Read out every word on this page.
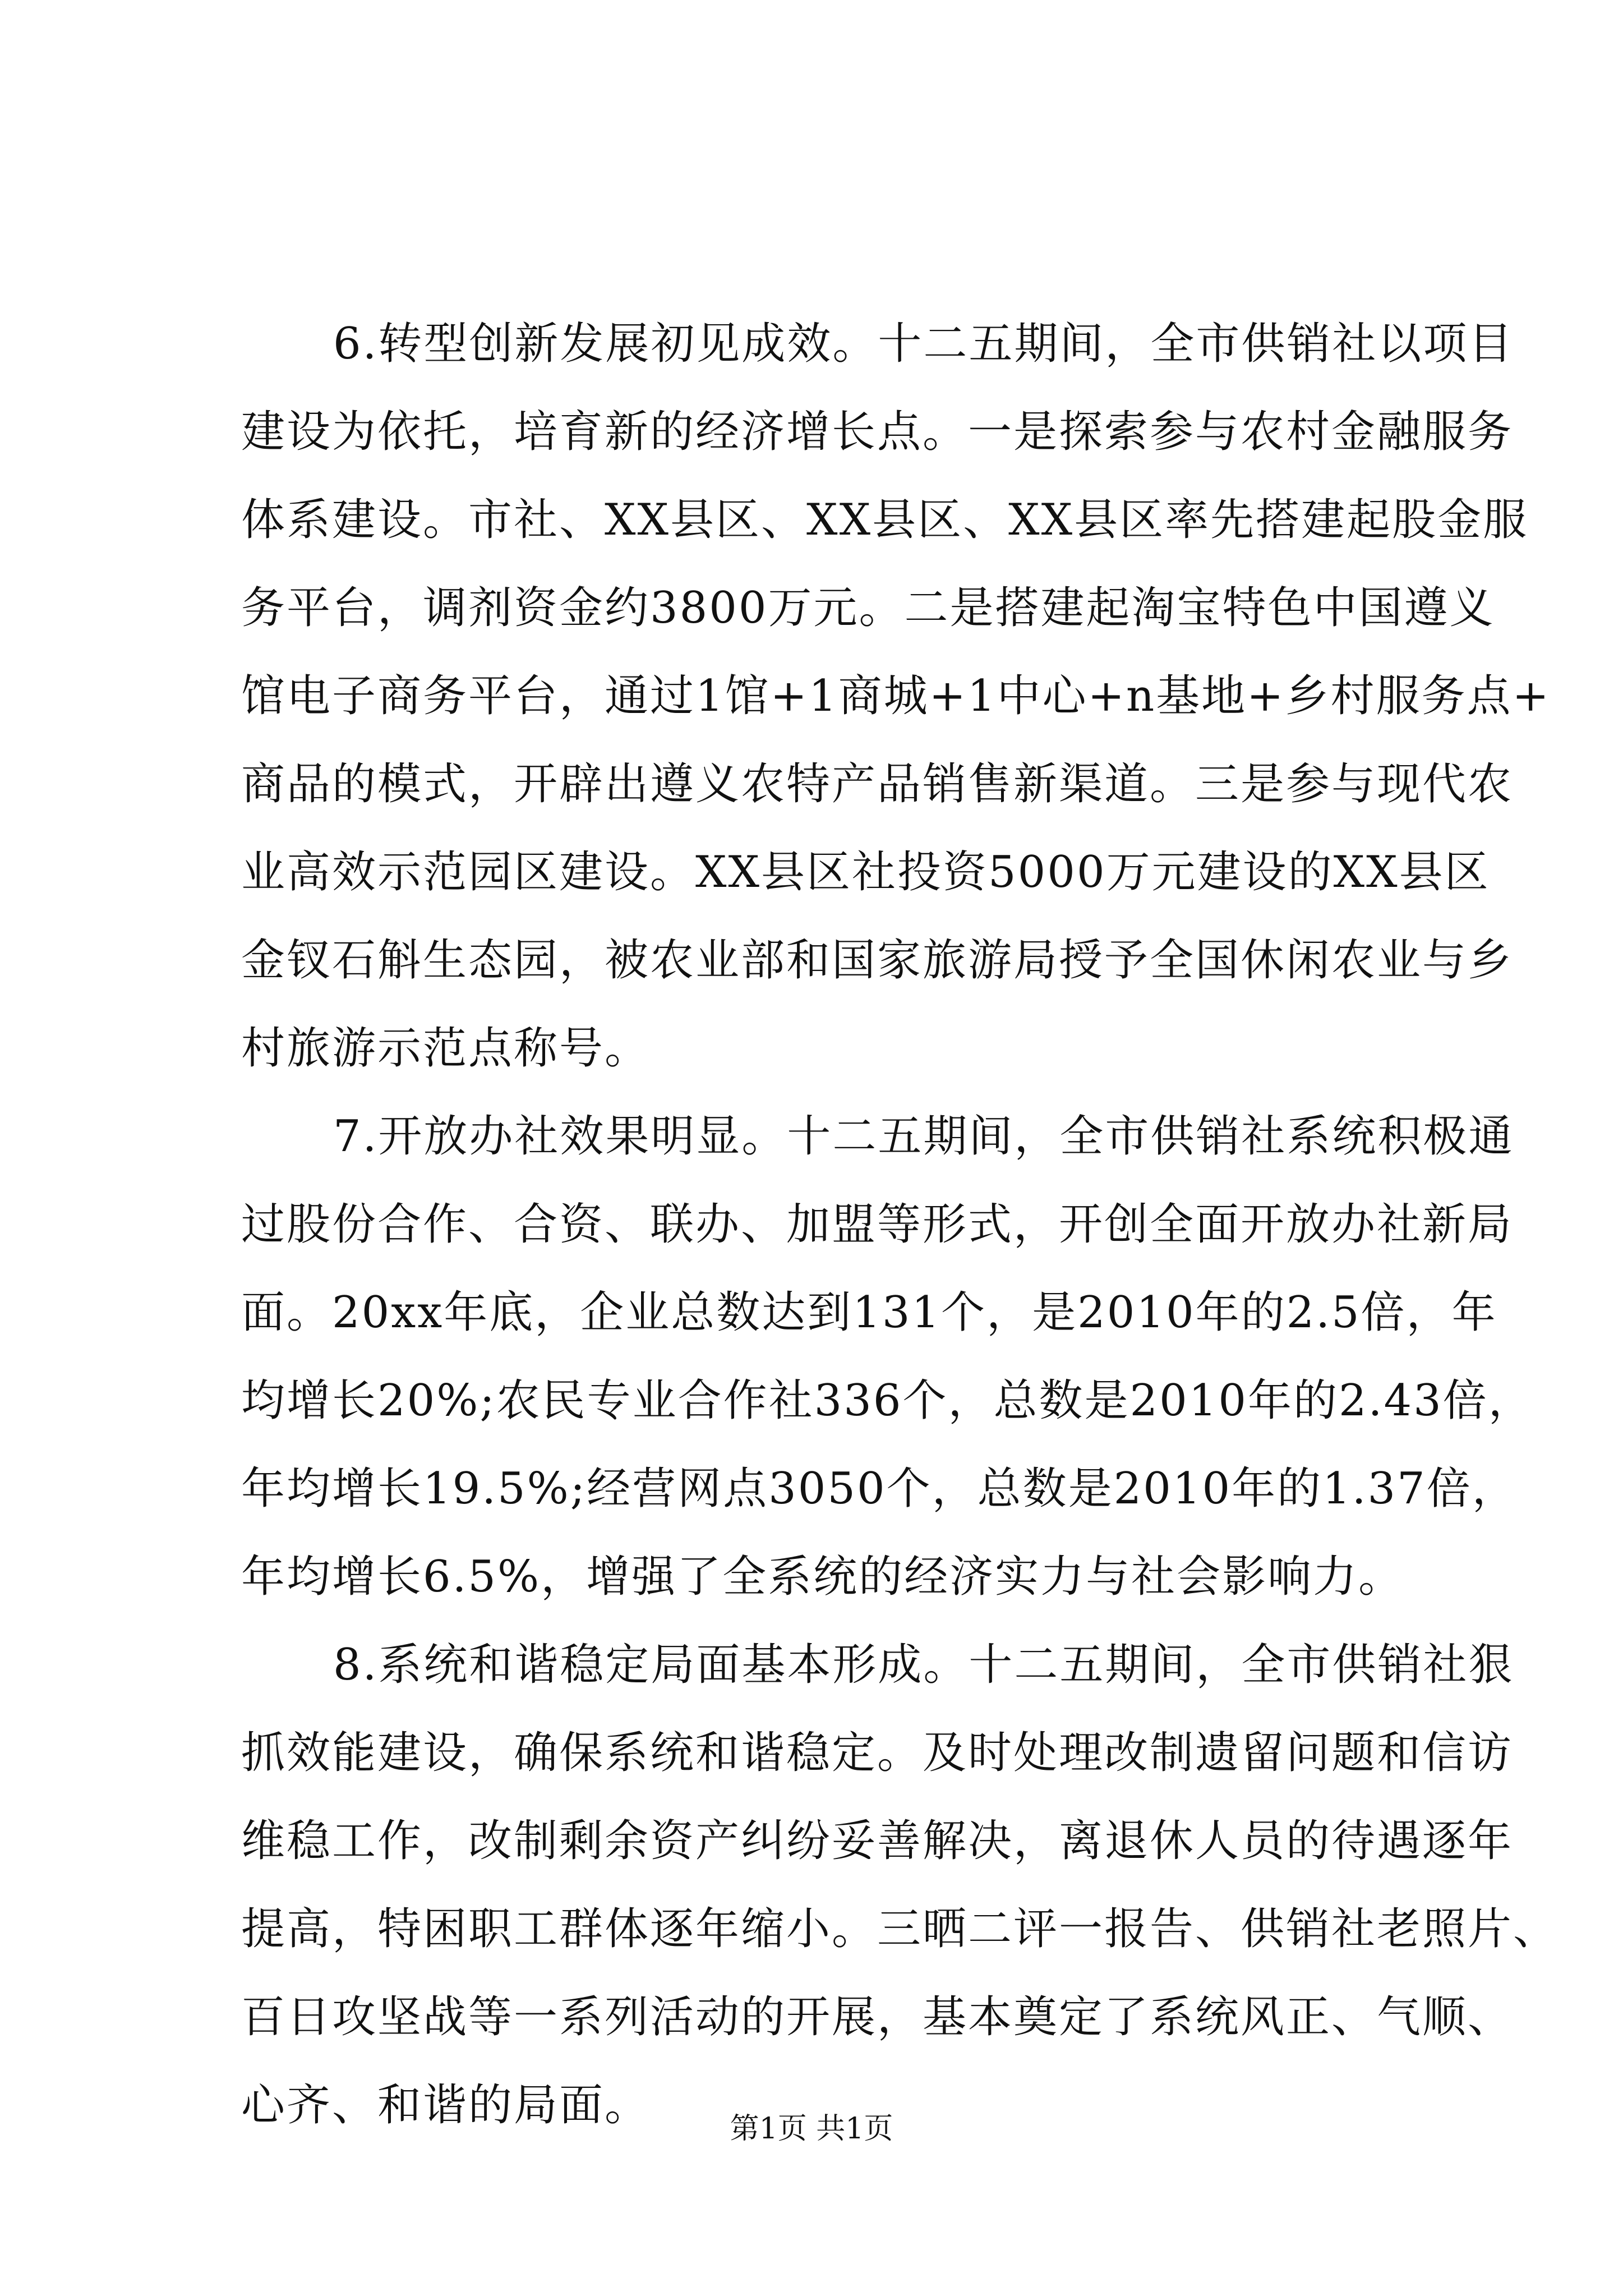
6.转型创新发展初见成效。十二五期间，全市供销社以项目
建设为依托，培育新的经济增长点。一是探索参与农村金融服务
体系建设。市社、XX县区、XX县区、XX县区率先搭建起股金服
务平台，调剂资金约3800万元。二是搭建起淘宝特色中国遵义
馆电子商务平台，通过1馆+1商城+1中心+n基地+乡村服务点+
商品的模式，开辟出遵义农特产品销售新渠道。三是参与现代农
业高效示范园区建设。XX县区社投资5000万元建设的XX县区
金钗石斛生态园，被农业部和国家旅游局授予全国休闲农业与乡
村旅游示范点称号。
7.开放办社效果明显。十二五期间，全市供销社系统积极通
过股份合作、合资、联办、加盟等形式，开创全面开放办社新局
面。20xx年底，企业总数达到131个，是2010年的2.5倍，年
均增长20%;农民专业合作社336个，总数是2010年的2.43倍，
年均增长19.5%;经营网点3050个，总数是2010年的1.37倍，
年均增长6.5%，增强了全系统的经济实力与社会影响力。
8.系统和谐稳定局面基本形成。十二五期间，全市供销社狠
抓效能建设，确保系统和谐稳定。及时处理改制遗留问题和信访
维稳工作，改制剩余资产纠纷妥善解决，离退休人员的待遇逐年
提高，特困职工群体逐年缩小。三晒二评一报告、供销社老照片、
百日攻坚战等一系列活动的开展，基本奠定了系统风正、气顺、
心齐、和谐的局面。	第1页 共1页
